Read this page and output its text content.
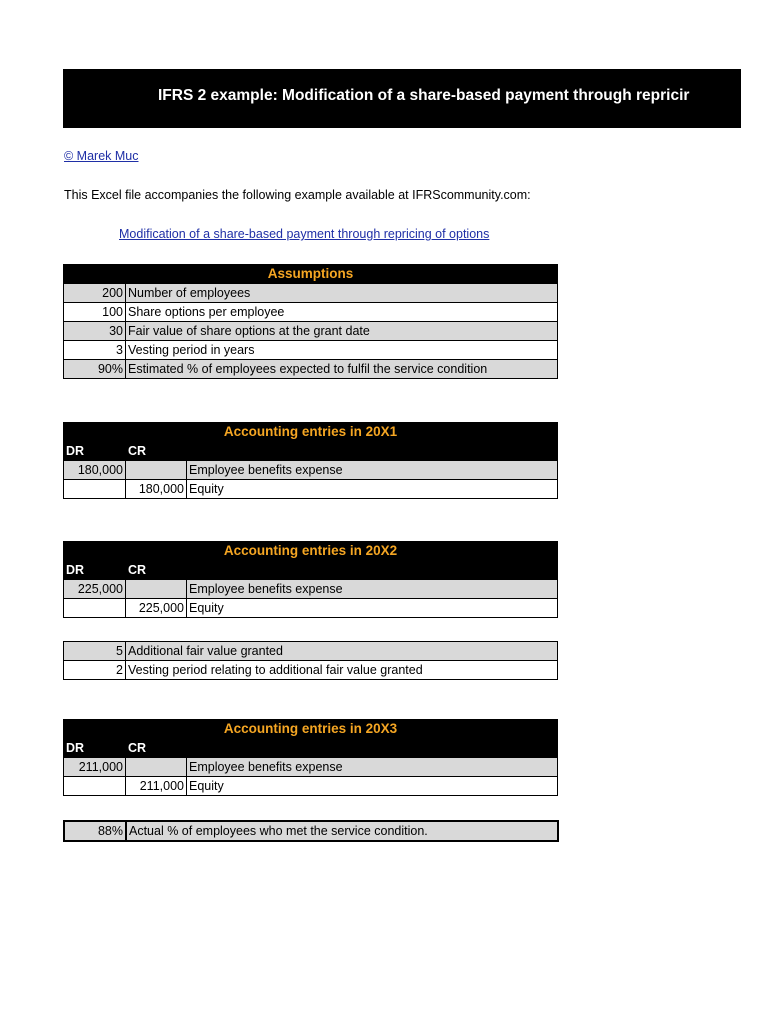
IFRS 2 example: Modification of a share-based payment through repricir
© Marek Muc
This Excel file accompanies the following example available at IFRScommunity.com:
Modification of a share-based payment through repricing of options
Assumptions	
200	Number of employees
100	Share options per employee
30	Fair value of share options at the grant date
3	Vesting period in years
90%	Estimated % of employees expected to fulfil the service condition
Accounting entries in 20X1		
DR	CR	
180,000		Employee benefits expense
	180,000	Equity
Accounting entries in 20X2		
DR	CR	
225,000		Employee benefits expense
	225,000	Equity
5	Additional fair value granted
2	Vesting period relating to additional fair value granted
Accounting entries in 20X3		
DR	CR	
211,000		Employee benefits expense
	211,000	Equity
88%	Actual % of employees who met the service condition.
